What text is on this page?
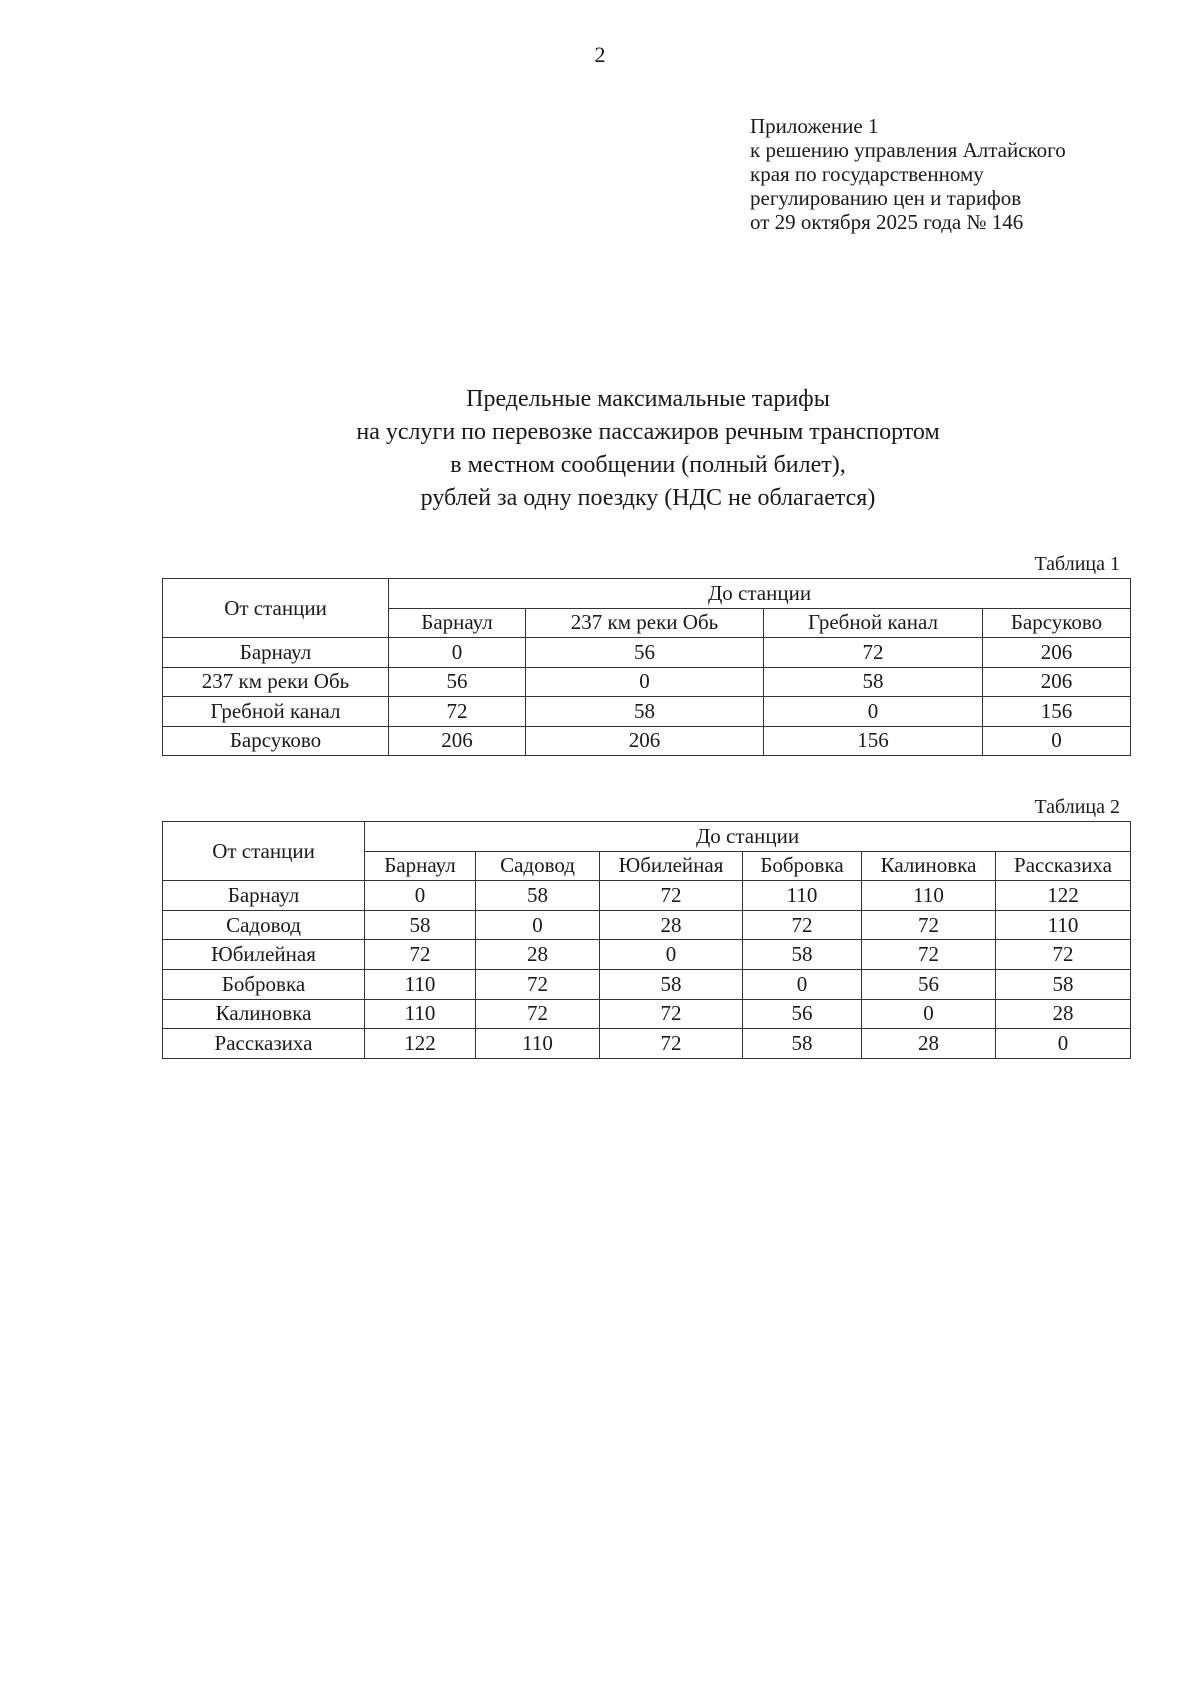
2
Приложение 1
к решению управления Алтайского
края по государственному
регулированию цен и тарифов
от 29 октября 2025 года № 146
Предельные максимальные тарифы
на услуги по перевозке пассажиров речным транспортом
в местном сообщении (полный билет),
рублей за одну поездку (НДС не облагается)
Таблица 1
От станции	До станции			
	Барнаул	237 км реки Обь	Гребной канал	Барсуково
Барнаул	0	56	72	206
237 км реки Обь	56	0	58	206
Гребной канал	72	58	0	156
Барсуково	206	206	156	0
Таблица 2
От станции	До станции					
	Барнаул	Садовод	Юбилейная	Бобровка	Калиновка	Рассказиха
Барнаул	0	58	72	110	110	122
Садовод	58	0	28	72	72	110
Юбилейная	72	28	0	58	72	72
Бобровка	110	72	58	0	56	58
Калиновка	110	72	72	56	0	28
Рассказиха	122	110	72	58	28	0
